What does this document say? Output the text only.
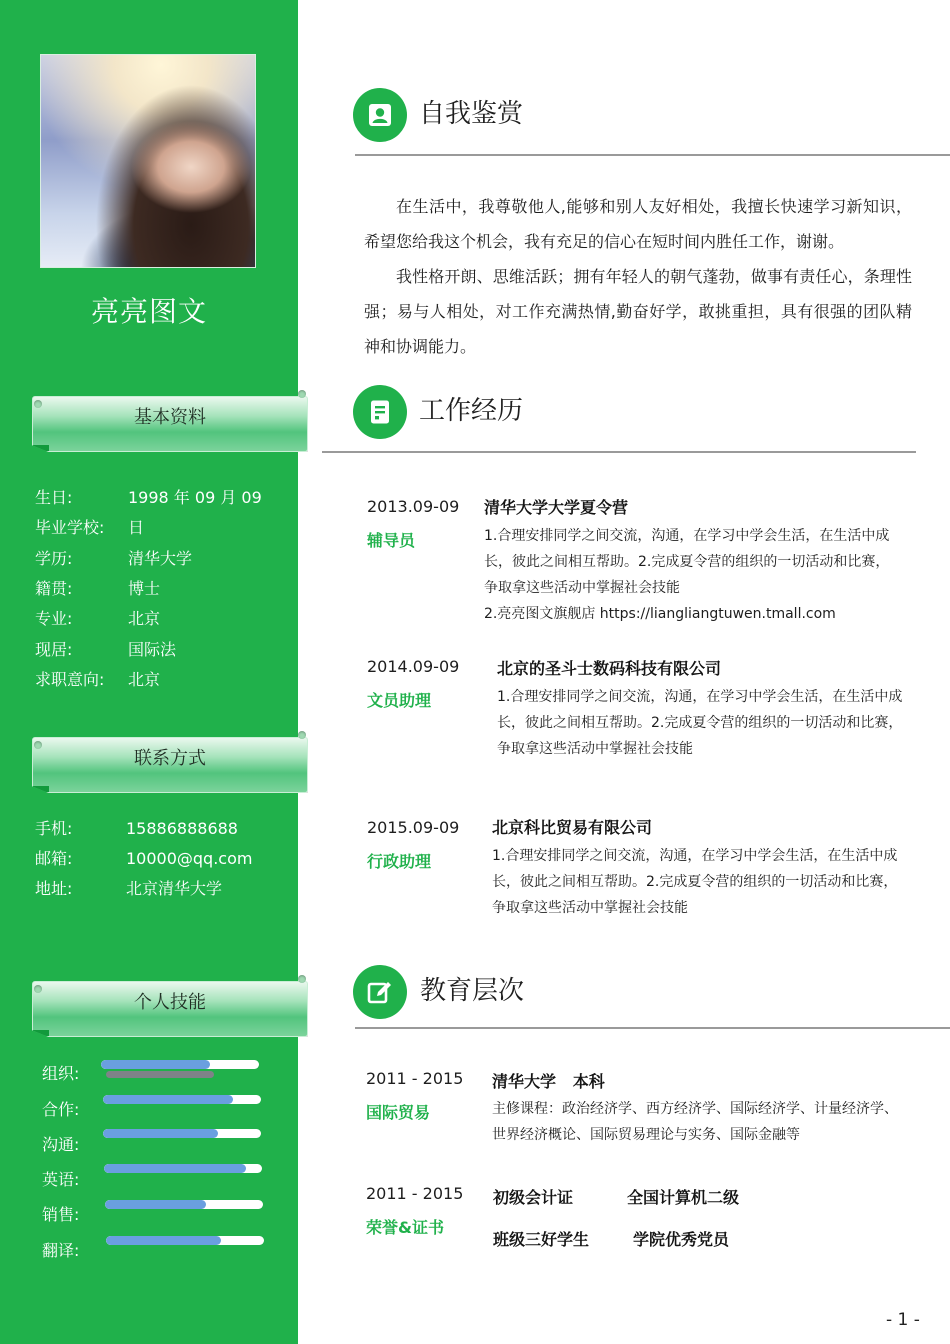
亮亮图文
基本资料
生日:	1998 年 09 月 09
毕业学校: 日
学历:	清华大学
籍贯:	博士
专业:	北京
现居:	国际法
求职意向: 北京
联系方式
手机:	15886888688
邮箱:	10000@qq.com
地址:	北京清华大学
个人技能
组织:
合作:
沟通:
英语:
销售:
翻译:
自我鉴赏
在生活中，我尊敬他人,能够和别人友好相处，我擅长快速学习新知识，希望您给我这个机会，我有充足的信心在短时间内胜任工作，谢谢。
我性格开朗、思维活跃；拥有年轻人的朝气蓬勃，做事有责任心，条理性强；易与人相处，对工作充满热情,勤奋好学，敢挑重担，具有很强的团队精神和协调能力。
工作经历
2013.09-09
辅导员
清华大学大学夏令营

1.合理安排同学之间交流，沟通，在学习中学会生活，在生活中成

长，彼此之间相互帮助。2.完成夏令营的组织的一切活动和比赛，

争取拿这些活动中掌握社会技能

2.亮亮图文旗舰店 https://liangliangtuwen.tmall.com

2014.09-09
文员助理
北京的圣斗士数码科技有限公司

1.合理安排同学之间交流，沟通，在学习中学会生活，在生活中成

长，彼此之间相互帮助。2.完成夏令营的组织的一切活动和比赛，

争取拿这些活动中掌握社会技能

2015.09-09
行政助理
北京科比贸易有限公司

1.合理安排同学之间交流，沟通，在学习中学会生活，在生活中成

长，彼此之间相互帮助。2.完成夏令营的组织的一切活动和比赛，

争取拿这些活动中掌握社会技能

教育层次
2011 - 2015
国际贸易
清华大学   本科

主修课程：政治经济学、西方经济学、国际经济学、计量经济学、

世界经济概论、国际贸易理论与实务、国际金融等

2011 - 2015
荣誉&证书
初级会计证	全国计算机二级
班级三好学生	学院优秀党员
- 1 -
